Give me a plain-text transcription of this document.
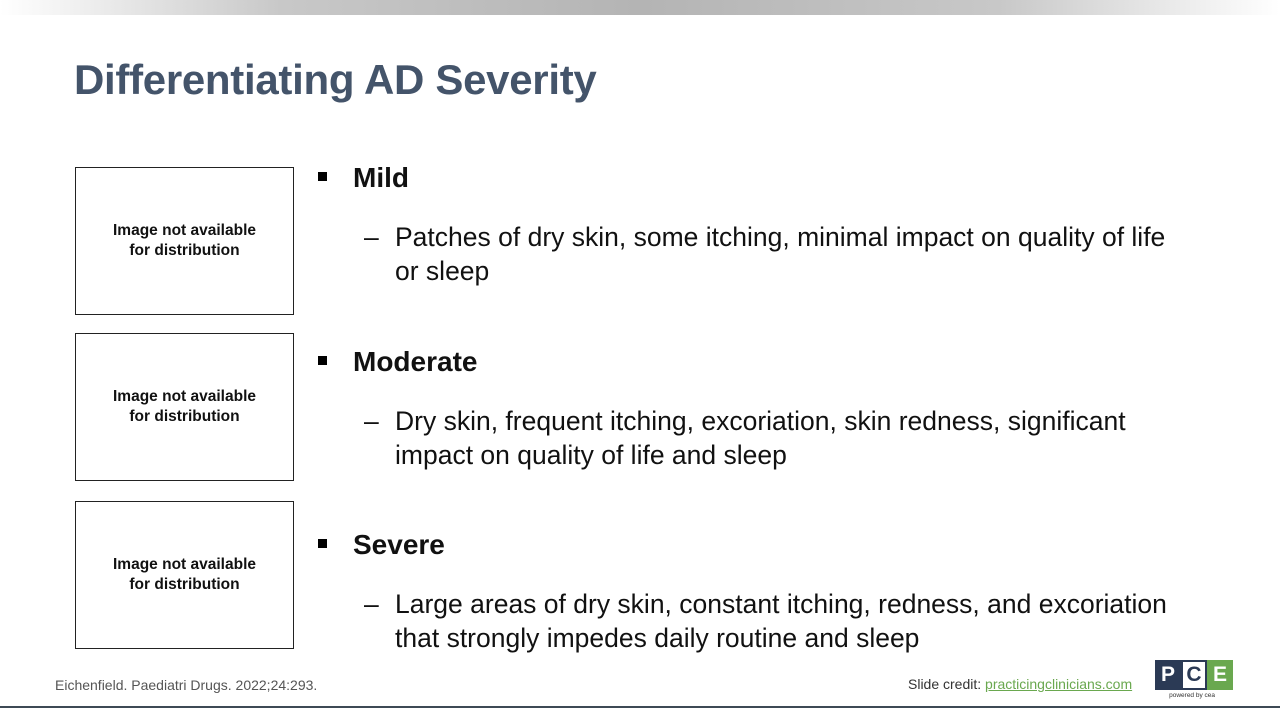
Differentiating AD Severity
Image not available
for distribution
Image not available
for distribution
Image not available
for distribution
Mild
– Patches of dry skin, some itching, minimal impact on quality of life or sleep
Moderate
– Dry skin, frequent itching, excoriation, skin redness, significant impact on quality of life and sleep
Severe
– Large areas of dry skin, constant itching, redness, and excoriation that strongly impedes daily routine and sleep
Eichenfield. Paediatri Drugs. 2022;24:293.	Slide credit: practicingclinicians.com P C E
powered by cea
